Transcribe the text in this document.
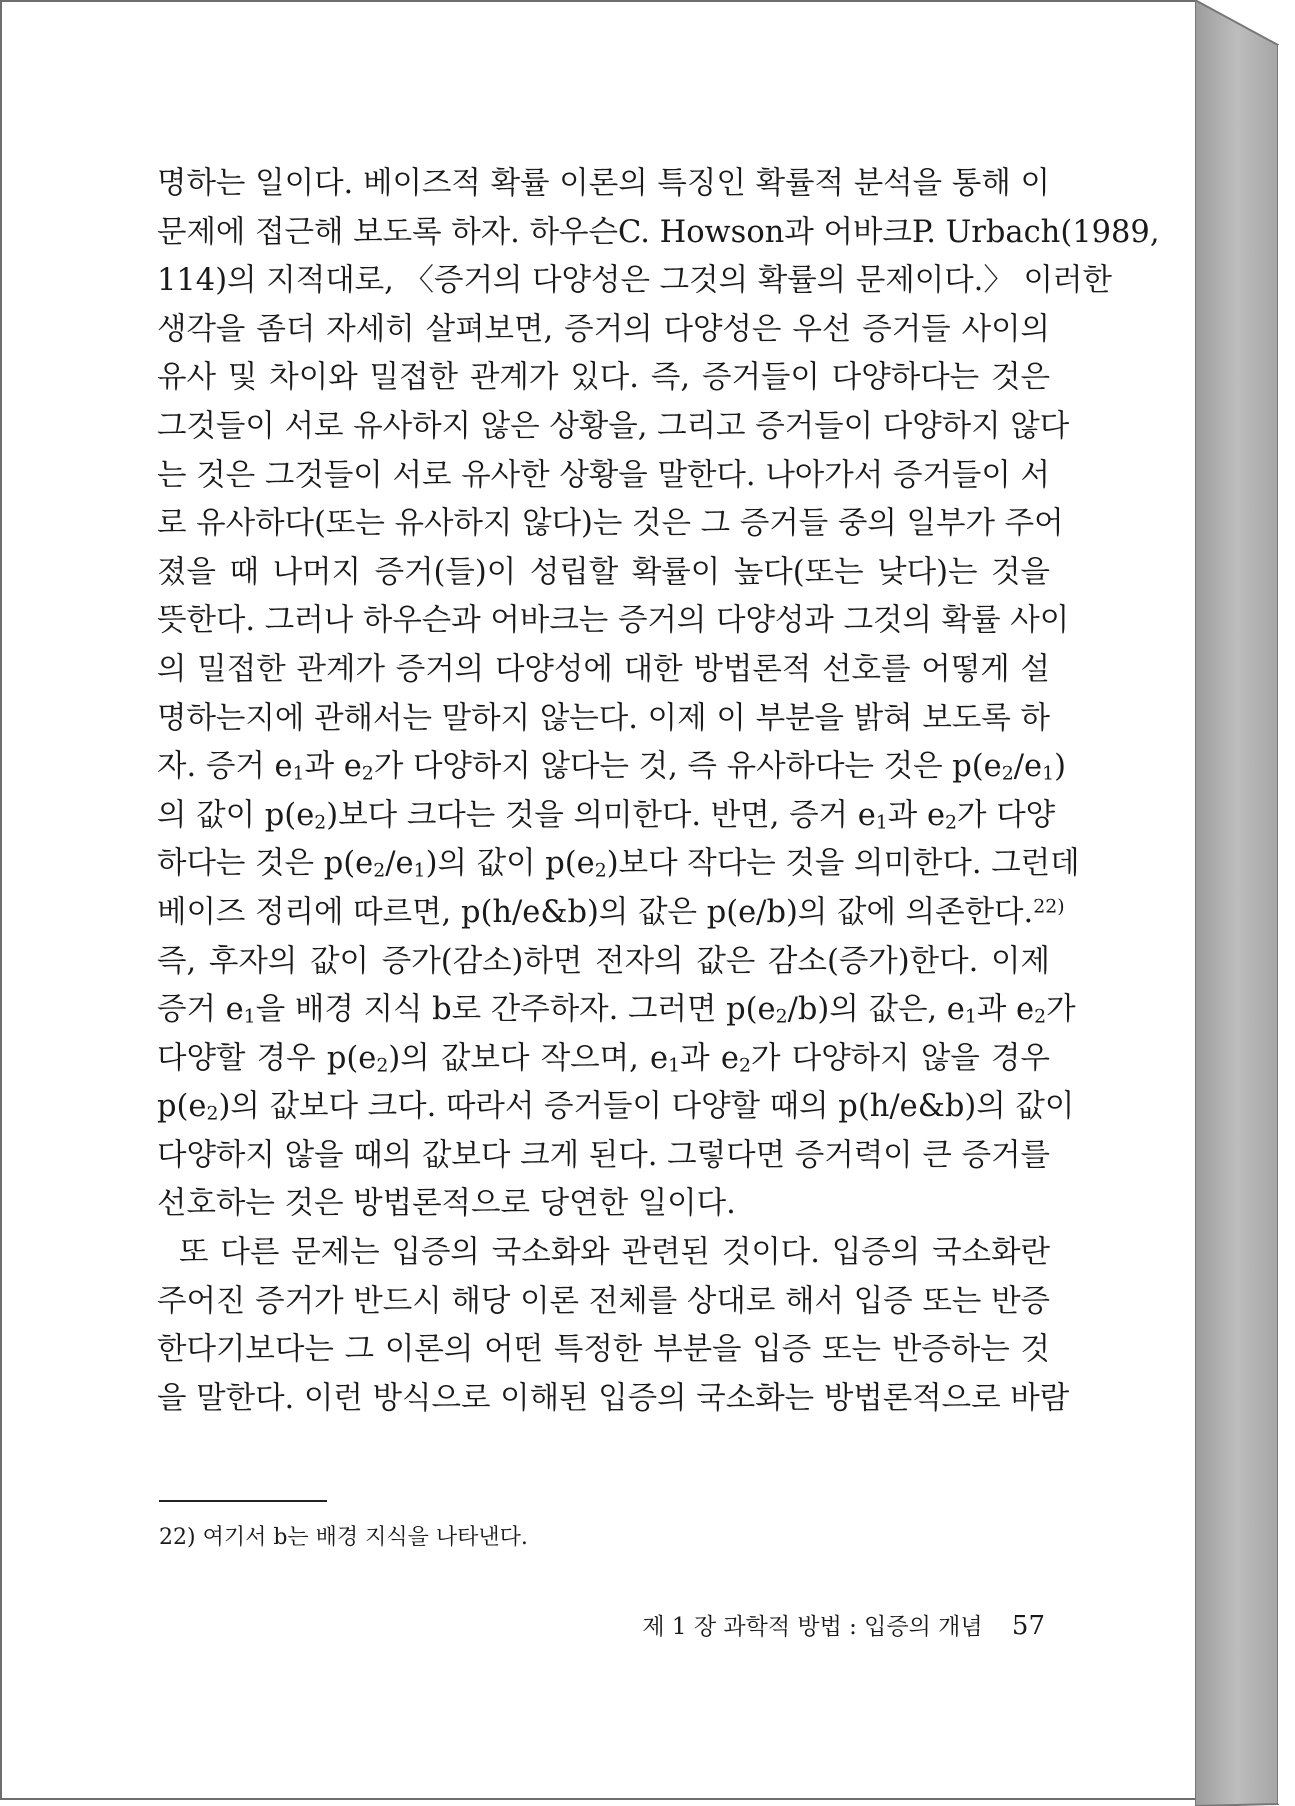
명하는 일이다. 베이즈적 확률 이론의 특징인 확률적 분석을 통해 이
문제에 접근해 보도록 하자. 하우슨C. Howson과 어바크P. Urbach(1989,
114)의 지적대로, 〈증거의 다양성은 그것의 확률의 문제이다.〉 이러한
생각을 좀더 자세히 살펴보면, 증거의 다양성은 우선 증거들 사이의
유사 및 차이와 밀접한 관계가 있다. 즉, 증거들이 다양하다는 것은
그것들이 서로 유사하지 않은 상황을, 그리고 증거들이 다양하지 않다
는 것은 그것들이 서로 유사한 상황을 말한다. 나아가서 증거들이 서
로 유사하다(또는 유사하지 않다)는 것은 그 증거들 중의 일부가 주어
졌을 때 나머지 증거(들)이 성립할 확률이 높다(또는 낮다)는 것을
뜻한다. 그러나 하우슨과 어바크는 증거의 다양성과 그것의 확률 사이
의 밀접한 관계가 증거의 다양성에 대한 방법론적 선호를 어떻게 설
명하는지에 관해서는 말하지 않는다. 이제 이 부분을 밝혀 보도록 하
자. 증거 $e_1$과 $e_2$가 다양하지 않다는 것, 즉 유사하다는 것은 $p(e_2/e_1)$
의 값이 $p(e_2)$보다 크다는 것을 의미한다. 반면, 증거 $e_1$과 $e_2$가 다양
하다는 것은 $p(e_2/e_1)$의 값이 $p(e_2)$보다 작다는 것을 의미한다. 그런데
베이즈 정리에 따르면, p(h/e&b)의 값은 p(e/b)의 값에 의존한다.$^{22)}$
즉, 후자의 값이 증가(감소)하면 전자의 값은 감소(증가)한다. 이제
증거 $e_1$을 배경 지식 b로 간주하자. 그러면 $p(e_2/b)$의 값은, $e_1$과 $e_2$가
다양할 경우 $p(e_2)$의 값보다 작으며, $e_1$과 $e_2$가 다양하지 않을 경우
$p(e_2)$의 값보다 크다. 따라서 증거들이 다양할 때의 p(h/e&b)의 값이
다양하지 않을 때의 값보다 크게 된다. 그렇다면 증거력이 큰 증거를
선호하는 것은 방법론적으로 당연한 일이다.
또 다른 문제는 입증의 국소화와 관련된 것이다. 입증의 국소화란
주어진 증거가 반드시 해당 이론 전체를 상대로 해서 입증 또는 반증
한다기보다는 그 이론의 어떤 특정한 부분을 입증 또는 반증하는 것
을 말한다. 이런 방식으로 이해된 입증의 국소화는 방법론적으로 바람
22) 여기서 b는 배경 지식을 나타낸다.
제 1 장 과학적 방법 : 입증의 개념 57
